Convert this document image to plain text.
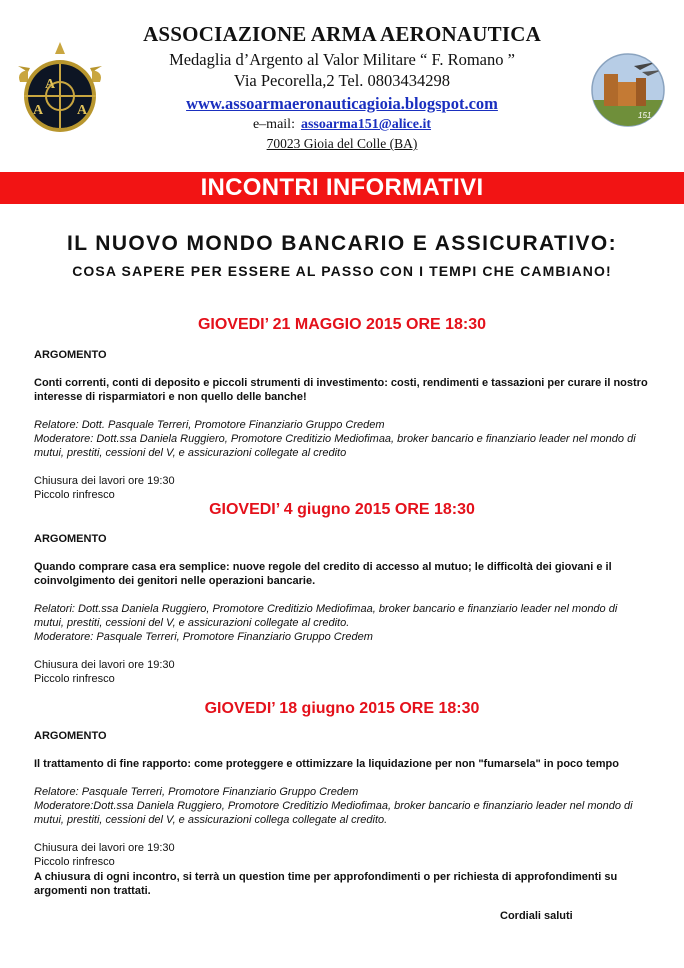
A
A A
ASSOCIAZIONE ARMA AERONAUTICA
Medaglia d’Argento al Valor Militare “ F. Romano ”
Via Pecorella,2 Tel. 0803434298
www.assoarmaeronauticagioia.blogspot.com
e–mail: assoarma151@alice.it
70023 Gioia del Colle (BA)
151
INCONTRI INFORMATIVI
IL NUOVO MONDO BANCARIO E ASSICURATIVO:
COSA SAPERE PER ESSERE AL PASSO CON I TEMPI CHE CAMBIANO!
GIOVEDI’ 21 MAGGIO 2015 ORE 18:30
ARGOMENTO
Conti correnti, conti di deposito e piccoli strumenti di investimento: costi, rendimenti e tassazioni per curare il nostro interesse di risparmiatori e non quello delle banche!
Relatore: Dott. Pasquale Terreri, Promotore Finanziario Gruppo Credem
Moderatore: Dott.ssa Daniela Ruggiero, Promotore Creditizio Mediofimaa, broker bancario e finanziario leader nel mondo di mutui, prestiti, cessioni del V, e assicurazioni collegate al credito
Chiusura dei lavori ore 19:30
Piccolo rinfresco
GIOVEDI’ 4 giugno 2015 ORE 18:30
ARGOMENTO
Quando comprare casa era semplice: nuove regole del credito di accesso al mutuo; le difficoltà dei giovani e il coinvolgimento dei genitori nelle operazioni bancarie.
Relatori: Dott.ssa Daniela Ruggiero, Promotore Creditizio Mediofimaa, broker bancario e finanziario leader nel mondo di mutui, prestiti, cessioni del V, e assicurazioni collegate al credito.
Moderatore: Pasquale Terreri, Promotore Finanziario Gruppo Credem
Chiusura dei lavori ore 19:30
Piccolo rinfresco
GIOVEDI’ 18 giugno 2015 ORE 18:30
ARGOMENTO
Il trattamento di fine rapporto: come proteggere e ottimizzare la liquidazione per non "fumarsela" in poco tempo
Relatore: Pasquale Terreri, Promotore Finanziario Gruppo Credem
Moderatore:Dott.ssa Daniela Ruggiero, Promotore Creditizio Mediofimaa, broker bancario e finanziario leader nel mondo di mutui, prestiti, cessioni del V, e assicurazioni collega collegate al credito.
Chiusura dei lavori ore 19:30
Piccolo rinfresco
A chiusura di ogni incontro, si terrà un question time per approfondimenti o per richiesta di approfondimenti su argomenti non trattati.
Cordiali saluti
